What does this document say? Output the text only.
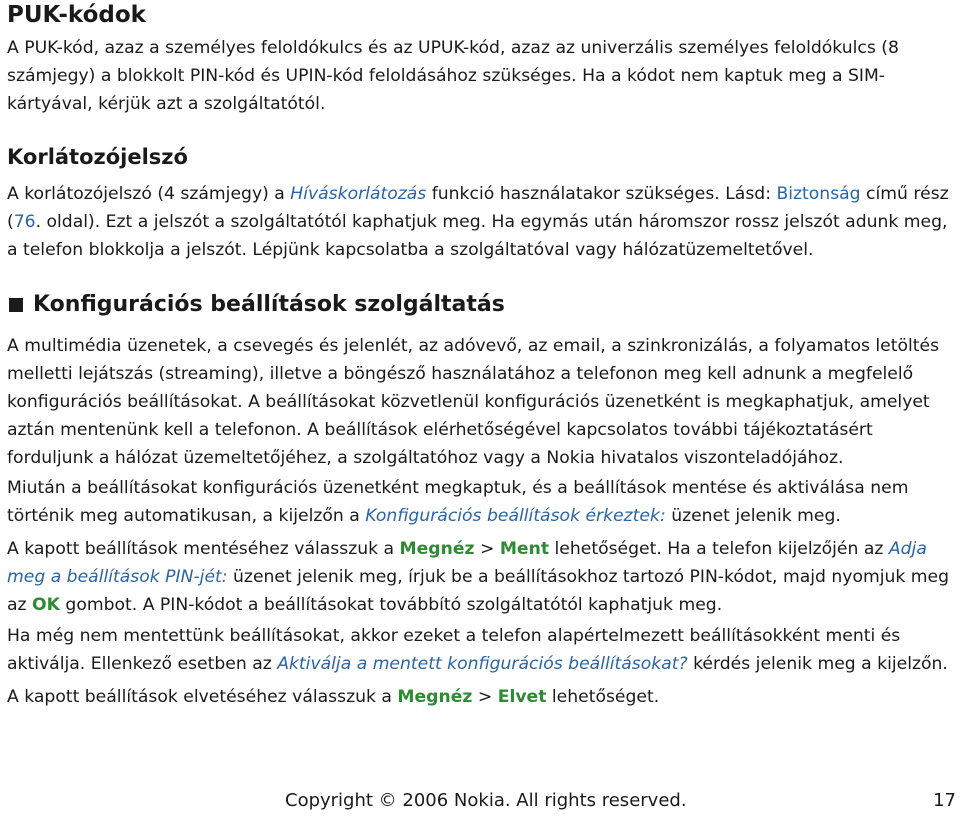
PUK-kódok

A PUK-kód, azaz a személyes feloldókulcs és az UPUK-kód, azaz az univerzális személyes feloldókulcs (8 számjegy) a blokkolt PIN-kód és UPIN-kód feloldásához szükséges. Ha a kódot nem kaptuk meg a SIM-kártyával, kérjük azt a szolgáltatótól.

Korlátozójelszó

A korlátozójelszó (4 számjegy) a Híváskorlátozás funkció használatakor szükséges. Lásd: Biztonság című rész (76. oldal). Ezt a jelszót a szolgáltatótól kaphatjuk meg. Ha egymás után háromszor rossz jelszót adunk meg, a telefon blokkolja a jelszót. Lépjünk kapcsolatba a szolgáltatóval vagy hálózatüzemeltetővel.

Konfigurációs beállítások szolgáltatás

A multimédia üzenetek, a csevegés és jelenlét, az adóvevő, az email, a szinkronizálás, a folyamatos letöltés melletti lejátszás (streaming), illetve a böngésző használatához a telefonon meg kell adnunk a megfelelő konfigurációs beállításokat. A beállításokat közvetlenül konfigurációs üzenetként is megkaphatjuk, amelyet aztán mentenünk kell a telefonon. A beállítások elérhetőségével kapcsolatos további tájékoztatásért forduljunk a hálózat üzemeltetőjéhez, a szolgáltatóhoz vagy a Nokia hivatalos viszonteladójához.

Miután a beállításokat konfigurációs üzenetként megkaptuk, és a beállítások mentése és aktiválása nem történik meg automatikusan, a kijelzőn a Konfigurációs beállítások érkeztek: üzenet jelenik meg.

A kapott beállítások mentéséhez válasszuk a Megnéz > Ment lehetőséget. Ha a telefon kijelzőjén az Adja meg a beállítások PIN-jét: üzenet jelenik meg, írjuk be a beállításokhoz tartozó PIN-kódot, majd nyomjuk meg az OK gombot. A PIN-kódot a beállításokat továbbító szolgáltatótól kaphatjuk meg.

Ha még nem mentettünk beállításokat, akkor ezeket a telefon alapértelmezett beállításokként menti és aktiválja. Ellenkező esetben az Aktiválja a mentett konfigurációs beállításokat? kérdés jelenik meg a kijelzőn.

A kapott beállítások elvetéséhez válasszuk a Megnéz > Elvet lehetőséget.

Copyright © 2006 Nokia. All rights reserved.	17
